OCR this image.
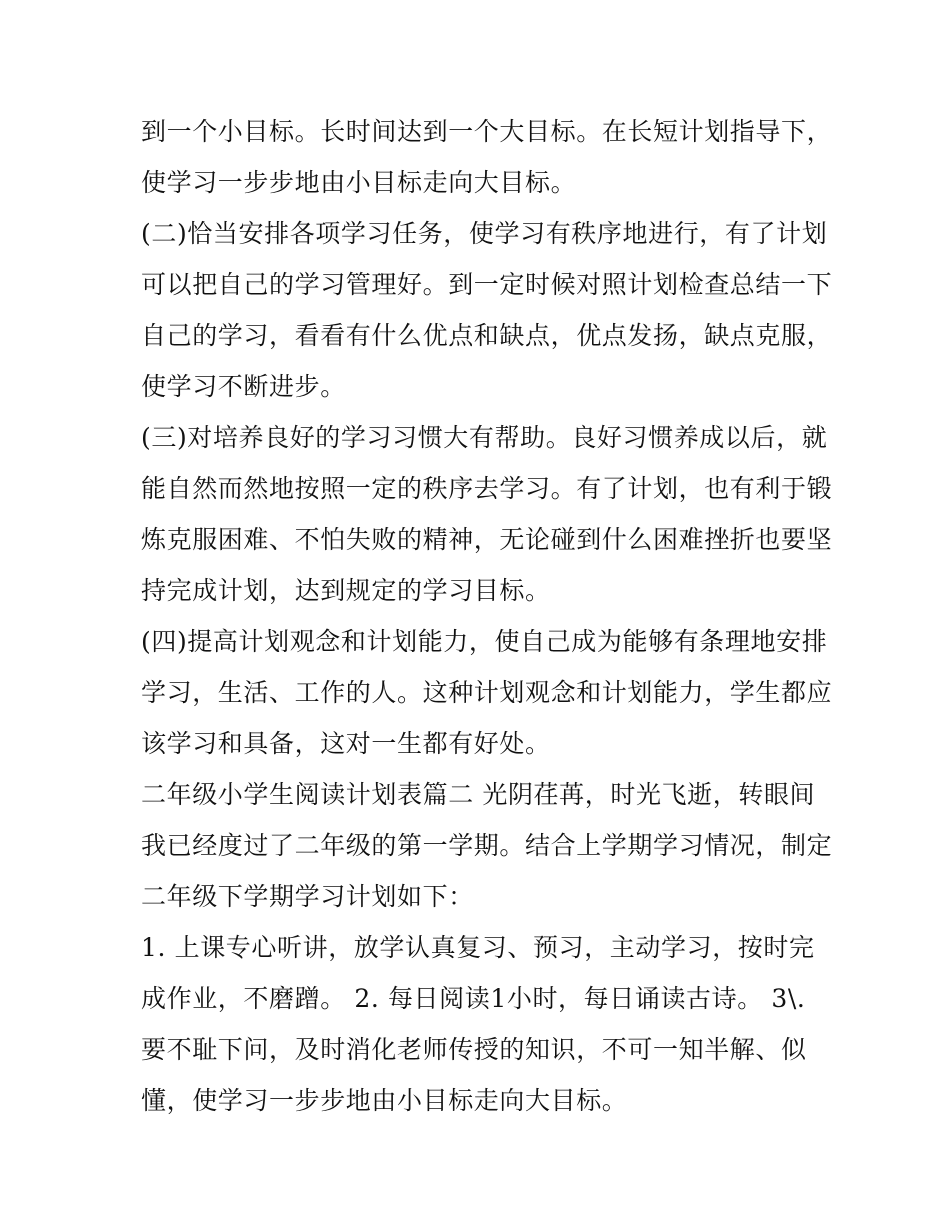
到一个小目标。长时间达到一个大目标。在长短计划指导下，
使学习一步步地由小目标走向大目标。
(二)恰当安排各项学习任务，使学习有秩序地进行，有了计划
可以把自己的学习管理好。到一定时候对照计划检查总结一下
自己的学习，看看有什么优点和缺点，优点发扬，缺点克服，
使学习不断进步。
(三)对培养良好的学习习惯大有帮助。良好习惯养成以后，就
能自然而然地按照一定的秩序去学习。有了计划，也有利于锻
炼克服困难、不怕失败的精神，无论碰到什么困难挫折也要坚
持完成计划，达到规定的学习目标。
(四)提高计划观念和计划能力，使自己成为能够有条理地安排
学习，生活、工作的人。这种计划观念和计划能力，学生都应
该学习和具备，这对一生都有好处。
二年级小学生阅读计划表篇二 光阴荏苒，时光飞逝，转眼间
我已经度过了二年级的第一学期。结合上学期学习情况，制定
二年级下学期学习计划如下：
1. 上课专心听讲，放学认真复习、预习，主动学习，按时完
成作业，不磨蹭。 2. 每日阅读1小时，每日诵读古诗。 3\.
要不耻下问，及时消化老师传授的知识，不可一知半解、似
懂，使学习一步步地由小目标走向大目标。
